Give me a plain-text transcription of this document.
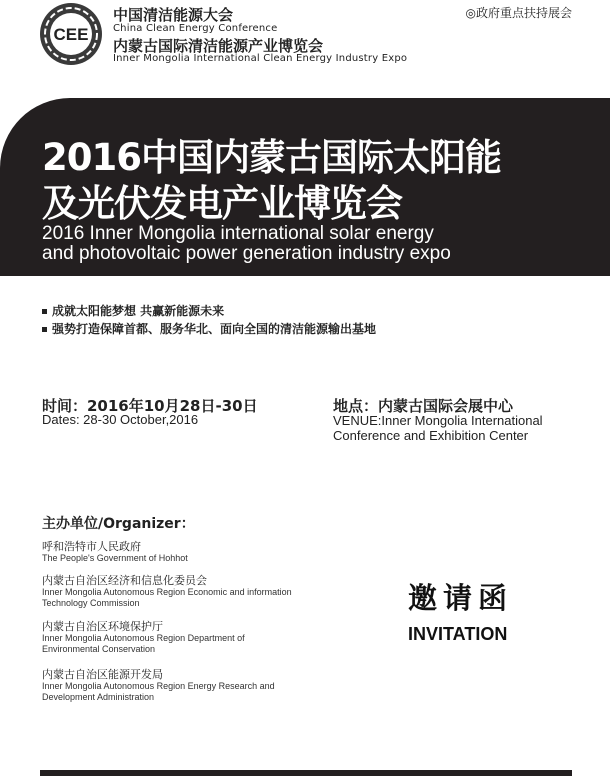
CEE
中国清洁能源大会
China Clean Energy Conference
内蒙古国际清洁能源产业博览会
Inner Mongolia International Clean Energy Industry Expo
◎政府重点扶持展会
2016中国内蒙古国际太阳能
及光伏发电产业博览会
2016 Inner Mongolia international solar energy
and photovoltaic power generation industry expo
成就太阳能梦想 共赢新能源未来
强势打造保障首都、服务华北、面向全国的清洁能源输出基地
时间：2016年10月28日-30日
Dates: 28-30 October,2016
地点：内蒙古国际会展中心
VENUE:Inner Mongolia International Conference and Exhibition Center
主办单位/Organizer：
呼和浩特市人民政府
The People's Government of Hohhot
内蒙古自治区经济和信息化委员会
Inner Mongolia Autonomous Region Economic and information Technology Commission
内蒙古自治区环境保护厅
Inner Mongolia Autonomous Region Department of Environmental Conservation
内蒙古自治区能源开发局
Inner Mongolia Autonomous Region Energy Research and Development Administration
邀请函
INVITATION
